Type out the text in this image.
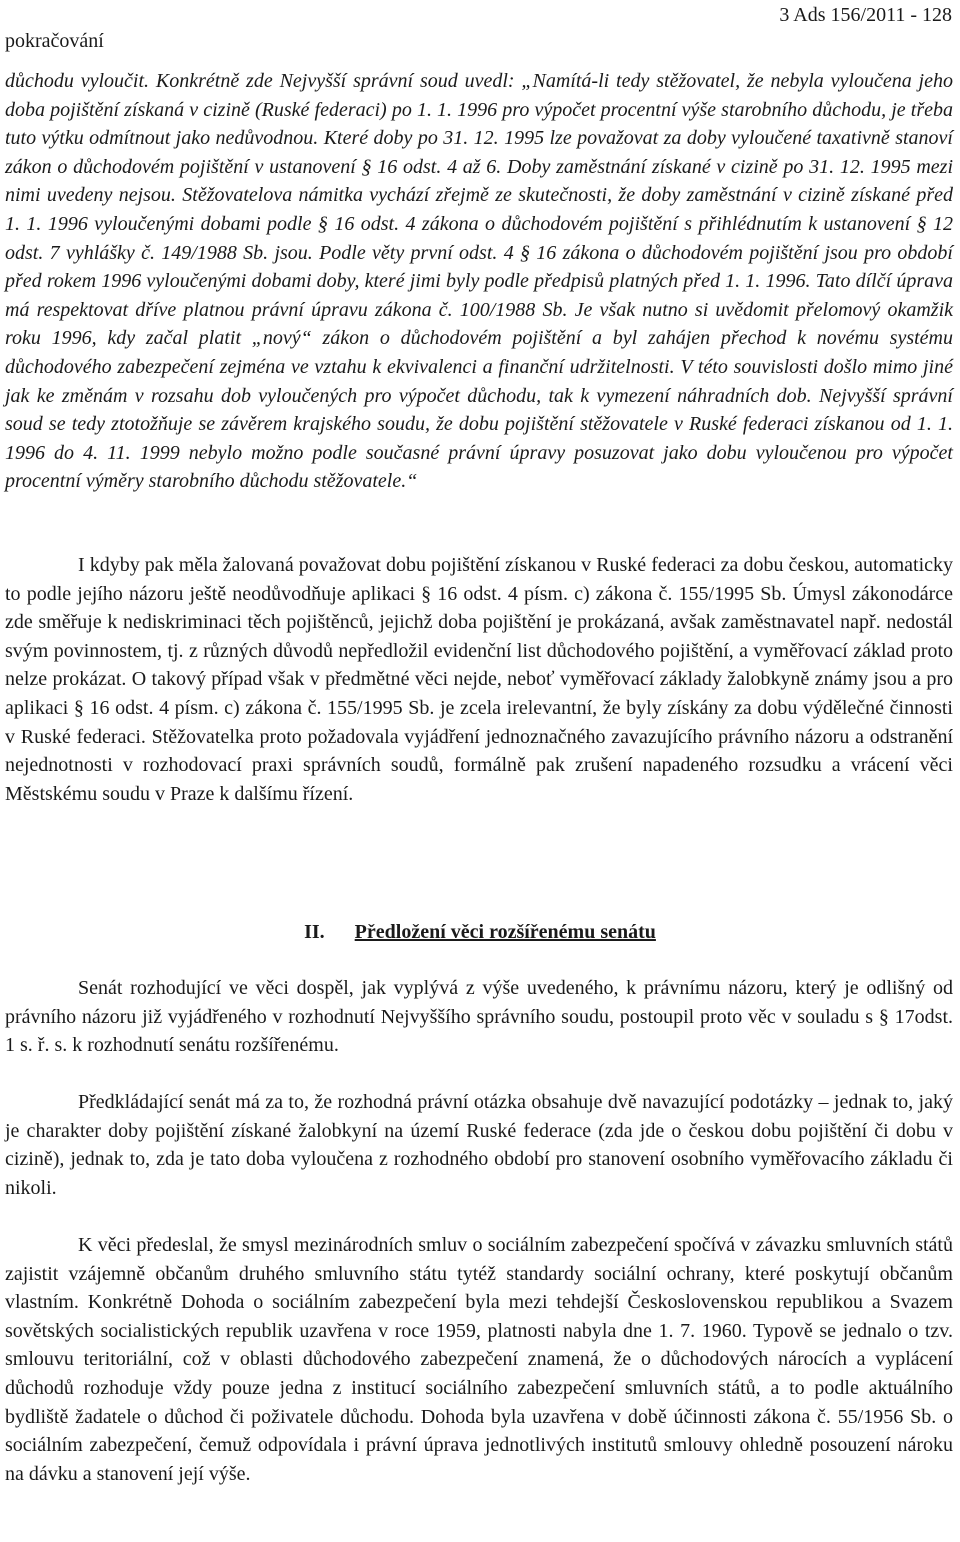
3 Ads 156/2011 - 128
pokračování
důchodu vyloučit. Konkrétně zde Nejvyšší správní soud uvedl: „Namítá-li tedy stěžovatel, že nebyla vyloučena jeho doba pojištění získaná v cizině (Ruské federaci) po 1. 1. 1996 pro výpočet procentní výše starobního důchodu, je třeba tuto výtku odmítnout jako nedůvodnou. Které doby po 31. 12. 1995 lze považovat za doby vyloučené taxativně stanoví zákon o důchodovém pojištění v ustanovení § 16 odst. 4 až 6. Doby zaměstnání získané v cizině po 31. 12. 1995 mezi nimi uvedeny nejsou. Stěžovatelova námitka vychází zřejmě ze skutečnosti, že doby zaměstnání v cizině získané před 1. 1. 1996 vyloučenými dobami podle § 16 odst. 4 zákona o důchodovém pojištění s přihlédnutím k ustanovení § 12 odst. 7 vyhlášky č. 149/1988 Sb. jsou. Podle věty první odst. 4 § 16 zákona o důchodovém pojištění jsou pro období před rokem 1996 vyloučenými dobami doby, které jimi byly podle předpisů platných před 1. 1. 1996. Tato dílčí úprava má respektovat dříve platnou právní úpravu zákona č. 100/1988 Sb. Je však nutno si uvědomit přelomový okamžik roku 1996, kdy začal platit „nový“ zákon o důchodovém pojištění a byl zahájen přechod k novému systému důchodového zabezpečení zejména ve vztahu k ekvivalenci a finanční udržitelnosti. V této souvislosti došlo mimo jiné jak ke změnám v rozsahu dob vyloučených pro výpočet důchodu, tak k vymezení náhradních dob. Nejvyšší správní soud se tedy ztotožňuje se závěrem krajského soudu, že dobu pojištění stěžovatele v Ruské federaci získanou od 1. 1. 1996 do 4. 11. 1999 nebylo možno podle současné právní úpravy posuzovat jako dobu vyloučenou pro výpočet procentní výměry starobního důchodu stěžovatele.“
I kdyby pak měla žalovaná považovat dobu pojištění získanou v Ruské federaci za dobu českou, automaticky to podle jejího názoru ještě neodůvodňuje aplikaci § 16 odst. 4 písm. c) zákona č. 155/1995 Sb. Úmysl zákonodárce zde směřuje k nediskriminaci těch pojištěnců, jejichž doba pojištění je prokázaná, avšak zaměstnavatel např. nedostál svým povinnostem, tj. z různých důvodů nepředložil evidenční list důchodového pojištění, a vyměřovací základ proto nelze prokázat. O takový případ však v předmětné věci nejde, neboť vyměřovací základy žalobkyně známy jsou a pro aplikaci § 16 odst. 4 písm. c) zákona č. 155/1995 Sb. je zcela irelevantní, že byly získány za dobu výdělečné činnosti v Ruské federaci. Stěžovatelka proto požadovala vyjádření jednoznačného zavazujícího právního názoru a odstranění nejednotnosti v rozhodovací praxi správních soudů, formálně pak zrušení napadeného rozsudku a vrácení věci Městskému soudu v Praze k dalšímu řízení.
II. Předložení věci rozšířenému senátu
Senát rozhodující ve věci dospěl, jak vyplývá z výše uvedeného, k právnímu názoru, který je odlišný od právního názoru již vyjádřeného v rozhodnutí Nejvyššího správního soudu, postoupil proto věc v souladu s § 17odst. 1 s. ř. s. k rozhodnutí senátu rozšířenému.
Předkládající senát má za to, že rozhodná právní otázka obsahuje dvě navazující podotázky – jednak to, jaký je charakter doby pojištění získané žalobkyní na území Ruské federace (zda jde o českou dobu pojištění či dobu v cizině), jednak to, zda je tato doba vyloučena z rozhodného období pro stanovení osobního vyměřovacího základu či nikoli.
K věci předeslal, že smysl mezinárodních smluv o sociálním zabezpečení spočívá v závazku smluvních států zajistit vzájemně občanům druhého smluvního státu tytéž standardy sociální ochrany, které poskytují občanům vlastním. Konkrétně Dohoda o sociálním zabezpečení byla mezi tehdejší Československou republikou a Svazem sovětských socialistických republik uzavřena v roce 1959, platnosti nabyla dne 1. 7. 1960. Typově se jednalo o tzv. smlouvu teritoriální, což v oblasti důchodového zabezpečení znamená, že o důchodových nárocích a vyplácení důchodů rozhoduje vždy pouze jedna z institucí sociálního zabezpečení smluvních států, a to podle aktuálního bydliště žadatele o důchod či poživatele důchodu. Dohoda byla uzavřena v době účinnosti zákona č. 55/1956 Sb. o sociálním zabezpečení, čemuž odpovídala i právní úprava jednotlivých institutů smlouvy ohledně posouzení nároku na dávku a stanovení její výše.
